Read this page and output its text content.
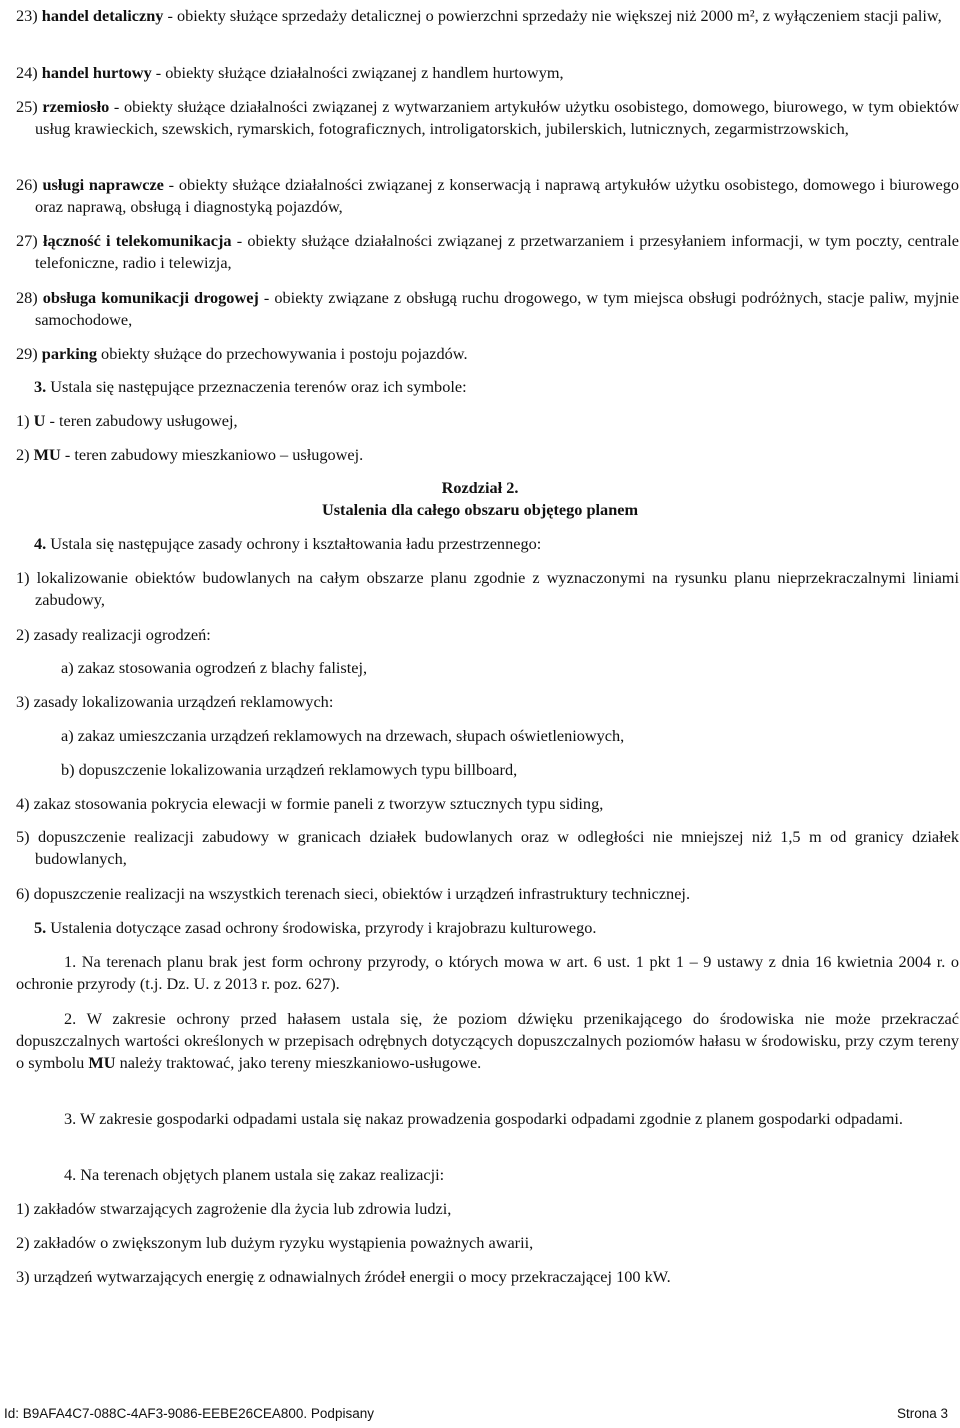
23) handel detaliczny - obiekty służące sprzedaży detalicznej o powierzchni sprzedaży nie większej niż 2000 m², z wyłączeniem stacji paliw,

24) handel hurtowy - obiekty służące działalności związanej z handlem hurtowym,

25) rzemiosło - obiekty służące działalności związanej z wytwarzaniem artykułów użytku osobistego, domowego, biurowego, w tym obiektów usług krawieckich, szewskich, rymarskich, fotograficznych, introligatorskich, jubilerskich, lutnicznych, zegarmistrzowskich,

26) usługi naprawcze - obiekty służące działalności związanej z konserwacją i naprawą artykułów użytku osobistego, domowego i biurowego oraz naprawą, obsługą i diagnostyką pojazdów,

27) łączność i telekomunikacja - obiekty służące działalności związanej z przetwarzaniem i przesyłaniem informacji, w tym poczty, centrale telefoniczne, radio i telewizja,

28) obsługa komunikacji drogowej - obiekty związane z obsługą ruchu drogowego, w tym miejsca obsługi podróżnych, stacje paliw, myjnie samochodowe,

29) parking obiekty służące do przechowywania i postoju pojazdów.

3. Ustala się następujące przeznaczenia terenów oraz ich symbole:

1) U - teren zabudowy usługowej,

2) MU - teren zabudowy mieszkaniowo – usługowej.

Rozdział 2.

Ustalenia dla całego obszaru objętego planem

4. Ustala się następujące zasady ochrony i kształtowania ładu przestrzennego:

1) lokalizowanie obiektów budowlanych na całym obszarze planu zgodnie z wyznaczonymi na rysunku planu nieprzekraczalnymi liniami zabudowy,

2) zasady realizacji ogrodzeń:

a) zakaz stosowania ogrodzeń z blachy falistej,

3) zasady lokalizowania urządzeń reklamowych:

a) zakaz umieszczania urządzeń reklamowych na drzewach, słupach oświetleniowych,

b) dopuszczenie lokalizowania urządzeń reklamowych typu billboard,

4) zakaz stosowania pokrycia elewacji w formie paneli z tworzyw sztucznych typu siding,

5) dopuszczenie realizacji zabudowy w granicach działek budowlanych oraz w odległości nie mniejszej niż 1,5 m od granicy działek budowlanych,

6) dopuszczenie realizacji na wszystkich terenach sieci, obiektów i urządzeń infrastruktury technicznej.

5. Ustalenia dotyczące zasad ochrony środowiska, przyrody i krajobrazu kulturowego.

1. Na terenach planu brak jest form ochrony przyrody, o których mowa w art. 6 ust. 1 pkt 1 – 9 ustawy z dnia 16 kwietnia 2004 r. o ochronie przyrody (t.j. Dz. U. z 2013 r. poz. 627).

2. W zakresie ochrony przed hałasem ustala się, że poziom dźwięku przenikającego do środowiska nie może przekraczać dopuszczalnych wartości określonych w przepisach odrębnych dotyczących dopuszczalnych poziomów hałasu w środowisku, przy czym tereny o symbolu MU należy traktować, jako tereny mieszkaniowo-usługowe.

3. W zakresie gospodarki odpadami ustala się nakaz prowadzenia gospodarki odpadami zgodnie z planem gospodarki odpadami.

4. Na terenach objętych planem ustala się zakaz realizacji:

1) zakładów stwarzających zagrożenie dla życia lub zdrowia ludzi,

2) zakładów o zwiększonym lub dużym ryzyku wystąpienia poważnych awarii,

3) urządzeń wytwarzających energię z odnawialnych źródeł energii o mocy przekraczającej 100 kW.

Id: B9AFA4C7-088C-4AF3-9086-EEBE26CEA800. Podpisany	Strona 3
